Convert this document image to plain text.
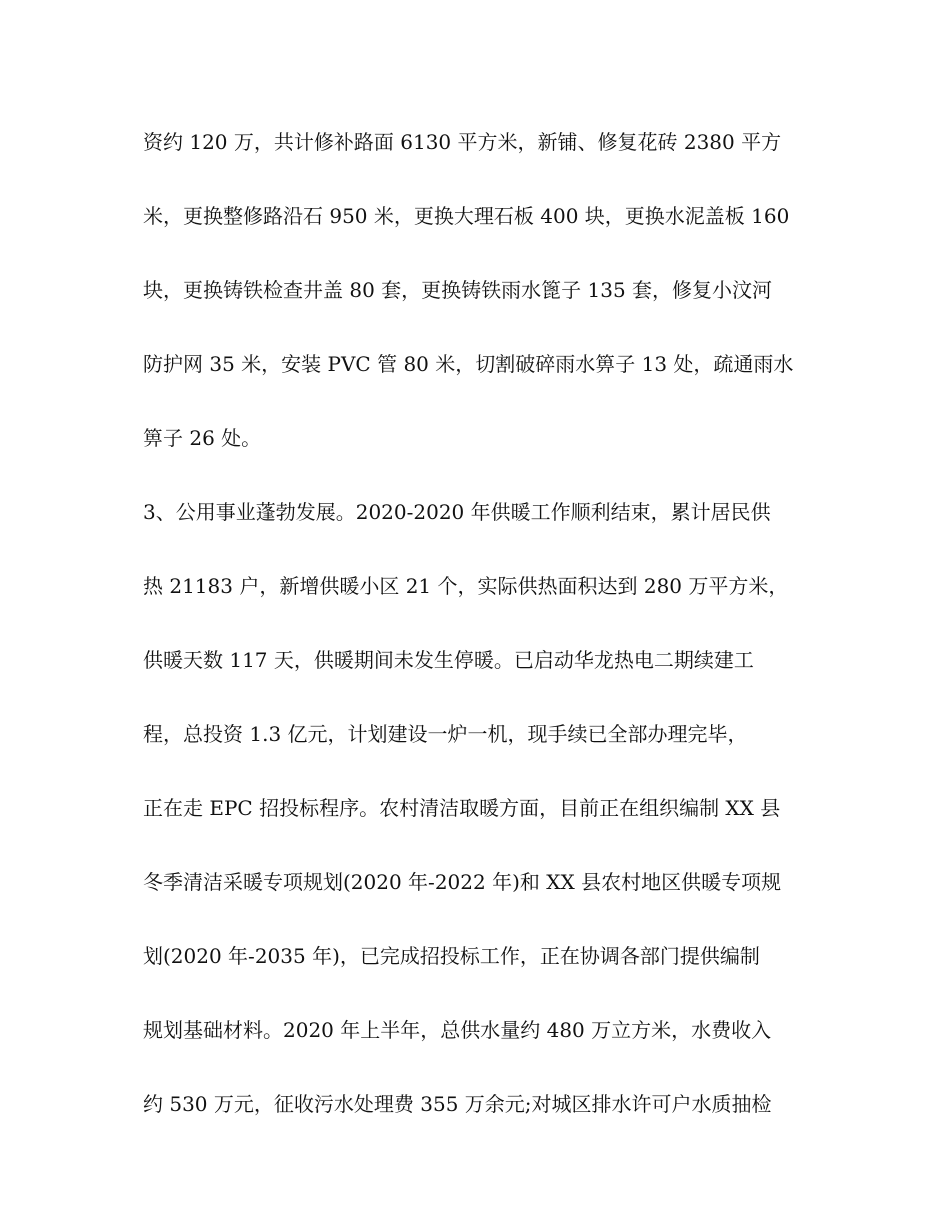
资约 120 万，共计修补路面 6130 平方米，新铺、修复花砖 2380 平方

米，更换整修路沿石 950 米，更换大理石板 400 块，更换水泥盖板 160

块，更换铸铁检查井盖 80 套，更换铸铁雨水篦子 135 套，修复小汶河

防护网 35 米，安装 PVC 管 80 米，切割破碎雨水箅子 13 处，疏通雨水

箅子 26 处。

3、公用事业蓬勃发展。2020-2020 年供暖工作顺利结束，累计居民供

热 21183 户，新增供暖小区 21 个，实际供热面积达到 280 万平方米，

供暖天数 117 天，供暖期间未发生停暖。已启动华龙热电二期续建工

程，总投资 1.3 亿元，计划建设一炉一机，现手续已全部办理完毕，

正在走 EPC 招投标程序。农村清洁取暖方面，目前正在组织编制 XX 县

冬季清洁采暖专项规划(2020 年-2022 年)和 XX 县农村地区供暖专项规

划(2020 年-2035 年)，已完成招投标工作，正在协调各部门提供编制

规划基础材料。2020 年上半年，总供水量约 480 万立方米，水费收入

约 530 万元，征收污水处理费 355 万余元;对城区排水许可户水质抽检
